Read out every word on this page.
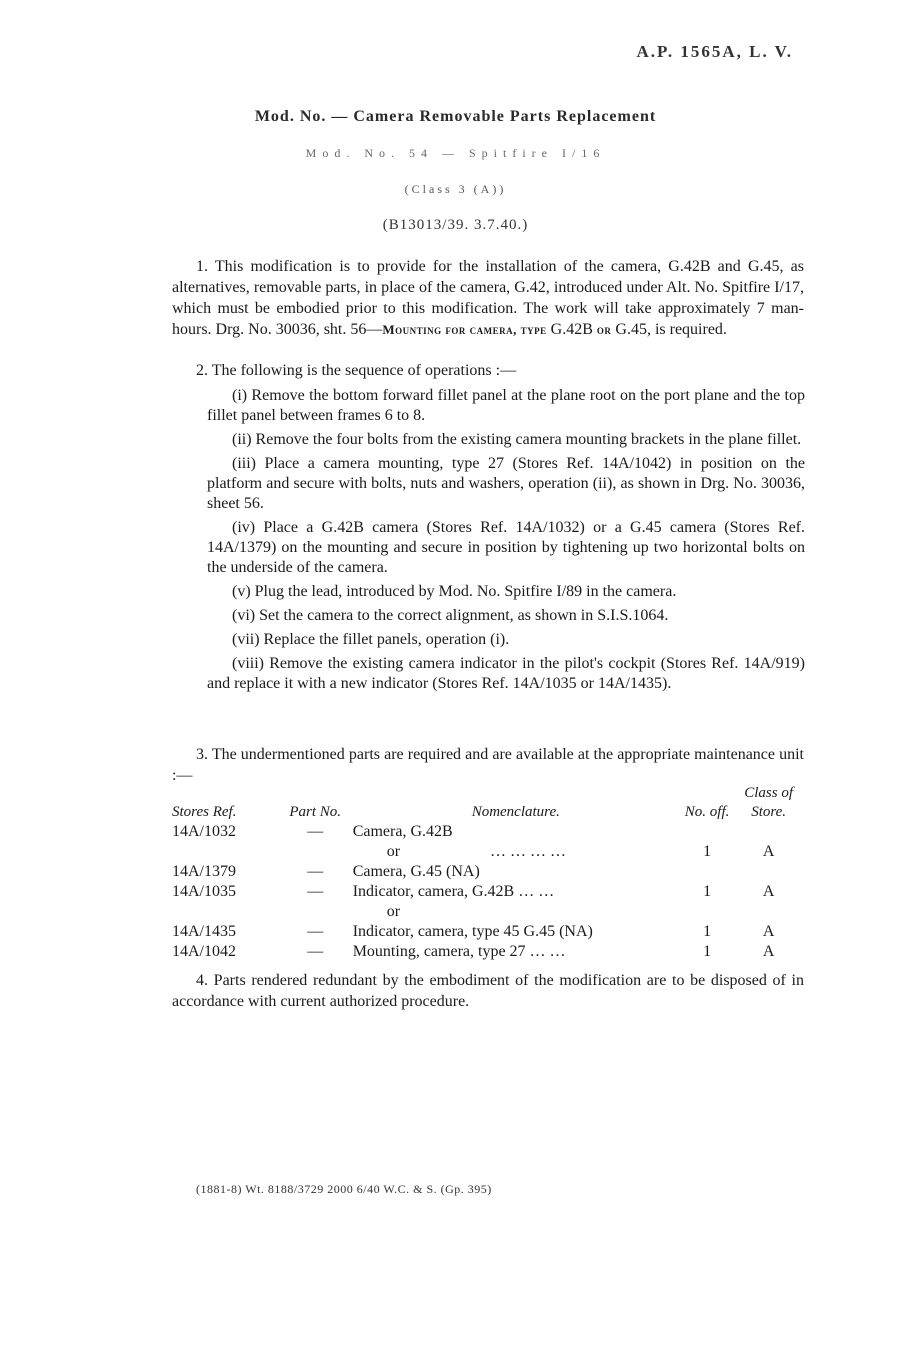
A.P. 1565A, L. V.
Mod. No. — Camera Removable Parts Replacement
Mod. No. 54 — Spitfire I/16
(Class 3 (A))
(B13013/39. 3.7.40.)
1. This modification is to provide for the installation of the camera, G.42B and G.45, as alternatives, removable parts, in place of the camera, G.42, introduced under Alt. No. Spitfire I/17, which must be embodied prior to this modification. The work will take approximately 7 man-hours. Drg. No. 30036, sht. 56—Mounting for camera, type G.42B or G.45, is required.
2. The following is the sequence of operations :—

(i) Remove the bottom forward fillet panel at the plane root on the port plane and the top fillet panel between frames 6 to 8.

(ii) Remove the four bolts from the existing camera mounting brackets in the plane fillet.

(iii) Place a camera mounting, type 27 (Stores Ref. 14A/1042) in position on the platform and secure with bolts, nuts and washers, operation (ii), as shown in Drg. No. 30036, sheet 56.

(iv) Place a G.42B camera (Stores Ref. 14A/1032) or a G.45 camera (Stores Ref. 14A/1379) on the mounting and secure in position by tightening up two horizontal bolts on the underside of the camera.

(v) Plug the lead, introduced by Mod. No. Spitfire I/89 in the camera.

(vi) Set the camera to the correct alignment, as shown in S.I.S.1064.

(vii) Replace the fillet panels, operation (i).

(viii) Remove the existing camera indicator in the pilot's cockpit (Stores Ref. 14A/919) and replace it with a new indicator (Stores Ref. 14A/1035 or 14A/1435).

3. The undermentioned parts are required and are available at the appropriate maintenance unit :—
Stores Ref.	Part No.	Nomenclature.	No. off.	Class of
Store.
14A/1032	—	Camera, G.42B		
		or … … … …	1	A
14A/1379	—	Camera, G.45 (NA)		
14A/1035	—	Indicator, camera, G.42B … …	1	A
		or		
14A/1435	—	Indicator, camera, type 45 G.45 (NA)	1	A
14A/1042	—	Mounting, camera, type 27 … …	1	A
4. Parts rendered redundant by the embodiment of the modification are to be disposed of in accordance with current authorized procedure.
(1881-8) Wt. 8188/3729 2000 6/40 W.C. & S. (Gp. 395)
